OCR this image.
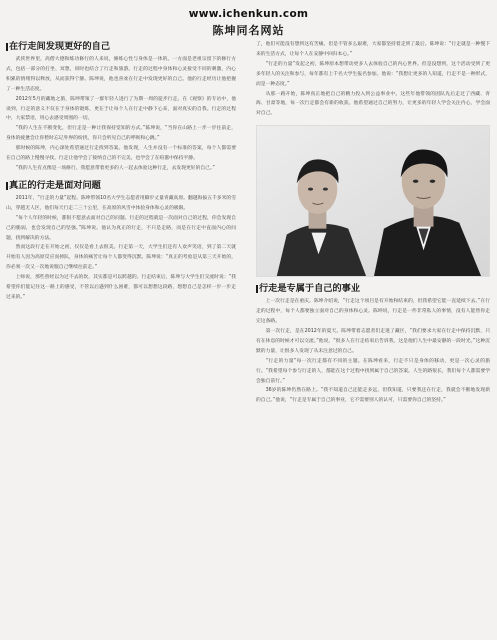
www.ichenkun.com
陈坤同名网站
在行走间发现更好的自己

武侠世界里，高僧大德和练功修行的人来说，修炼心性与身体是一体的。一方面是老祖宗留下的修行方式，包括一部分的打坐、冥想，同时也结合了行走和旅游。行走的过程中身体和心灵接受不同的刺激，内心积累的情绪得以释放，从而获得宁静。陈坤说，他也喜欢在行走中发现更好的自己。他的行走经历让他把握了一种生活态度。

2012年5月的藏地之旅，陈坤带领了一群年轻人进行了为期一周的徒步行走。在《观察》的专访中，他谈到，行走的意义不仅在于身体的锻炼，更在于让每个人在行走中静下心来，面对真实的自我。行走的过程中，大家禁语，用心去感受周围的一切。

“我的人生在不断变化，但行走是一种让我保持觉知的方式。”陈坤说，“当你在山路上一步一步往前走，身体的疲惫会让你暂时忘记外界的纷扰，你只会听见自己的呼吸和心跳。”

那时候的陈坤，内心深处希望通过行走找到答案。他发现，人生并没有一个标准的答案，每个人都需要在自己的路上慢慢寻找。行走让他学会了接纳自己的不完美，也学会了在喧嚣中保持平静。

“我的人生有点像是一场修行，我愿意带着更多的人一起去体验这种行走，去发现更好的自己。”

真正的行走是面对问题

2011年，“行走的力量”起程。陈坤带领10名大学生志愿者用脚步丈量青藏高原。翻越海拔五千多米的雪山，穿越无人区，他们每天行走二三十公里，在高原的风雪中体验身体和心灵的极限。

“每个人年轻的时候，都很不愿意去面对自己的问题。行走的过程就是一次面对自己的过程，你会发现自己的脆弱，也会发现自己的坚强。”陈坤说。他认为真正的行走，不只是走路，而是在行走中直面内心的问题，找到解决的方法。

然而这段行走在开始之初，仅仅是看上去很美。行走第一天，大学生们还有人欢声笑语，到了第二天就开始有人因为高原反应而掉队，身体的痛苦让每个人都变得沉默。陈坤说：“真正的考验是从第三天开始的，你必须一次又一次地说服自己继续往前走。”

上师说，那些曾经以为过不去的坎，其实都是可以跨越的。行走结束后，陈坤与大学生们交流时说：“我希望你们能记住这一路上的感受，不管以后遇到什么困难，都可以想想这段路，想想自己是怎样一步一步走过来的。”

了，他们可能没有想到这有苦痛。但是不管多么艰难，大家都坚持着走到了最后。陈坤说：“行走就是一种慢下来的生活方式，让每个人在安静中回归本心。”

“行走的力量”发起之初，陈坤原本想带动更多人去体验自己的内心世界。但是没想到，这个活动受到了更多年轻人的关注和参与，每年都有上千名大学生报名参加。他说：“我想让更多的人知道，行走不是一种形式，而是一种态度。”

从那一路开始，陈坤真正地把自己的精力投入到公益事业中。这些年他带领的团队先后走过了西藏、青海、甘肃等地，每一次行走都会有新的收获。他希望通过自己的努力，让更多的年轻人学会关注内心，学会面对自己。

行走是专属于自己的事业

上一次行走是在重庆。陈坤介绍说，“行走这个项目是有开始和结束的，但我希望它能一直延续下去。”在行走的过程中，每个人都要独立面对自己的身体和心灵。陈坤说，行走是一件非常私人的事情，没有人能替你走完这条路。

第一次行走，是在2012年的夏天。陈坤带着志愿者们走进了藏区，“我们要求大家在行走中保持沉默，只有在休息的时候才可以交流。”他说，“很多人在行走结束后告诉我，这是他们人生中最安静的一段时光。”这种沉默的力量，让很多人发现了从未注意过的自己。

“行走的力量”每一次行走都有不同的主题。在陈坤看来，行走不只是身体的移动，更是一次心灵的旅行。“我希望每个参与行走的人，都能在这个过程中找到属于自己的答案。人生的路很长，我们每个人都需要学会独自前行。”

36岁的陈坤仍然在路上。“我不知道自己还能走多远，但我知道，只要我还在行走，我就会不断地发现新的自己。”他说，“行走是专属于自己的事业，它不需要别人的认可，只需要你自己的坚持。”
